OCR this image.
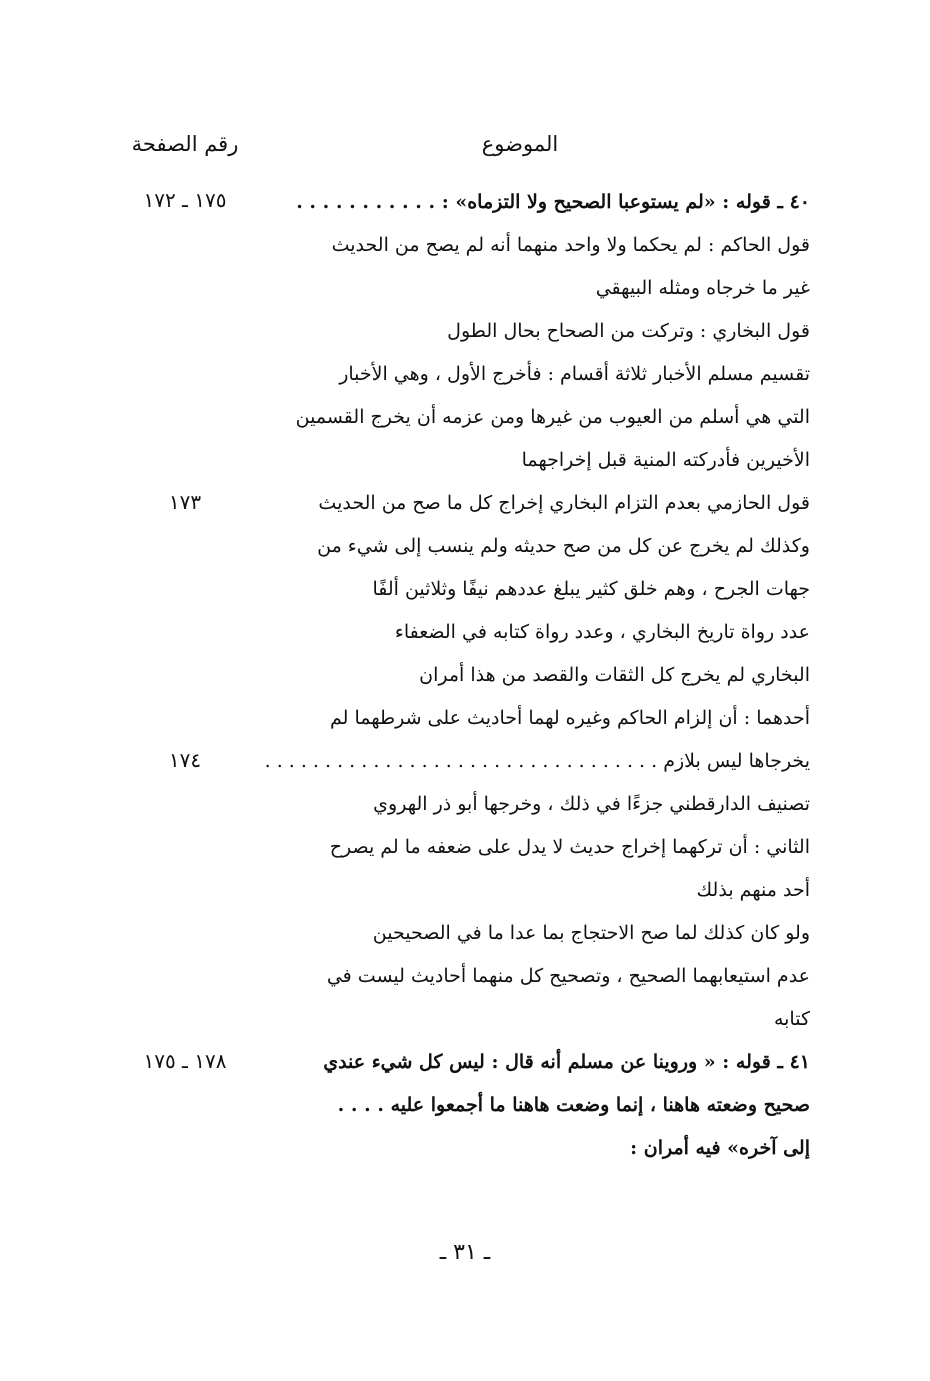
الموضوع
رقم الصفحة
٤٠ ـ قوله : «لم يستوعبا الصحيح ولا التزماه» : . . . . . . . . . . .
١٧٥ ـ ١٧٢
قول الحاكم : لم يحكما ولا واحد منهما أنه لم يصح من الحديث
غير ما خرجاه ومثله البيهقي
قول البخاري : وتركت من الصحاح بحال الطول
تقسيم مسلم الأخبار ثلاثة أقسام : فأخرج الأول ، وهي الأخبار
التي هي أسلم من العيوب من غيرها ومن عزمه أن يخرج القسمين
الأخيرين فأدركته المنية قبل إخراجهما
قول الحازمي بعدم التزام البخاري إخراج كل ما صح من الحديث
١٧٣
وكذلك لم يخرج عن كل من صح حديثه ولم ينسب إلى شيء من
جهات الجرح ، وهم خلق كثير يبلغ عددهم نيفًا وثلاثين ألفًا
عدد رواة تاريخ البخاري ، وعدد رواة كتابه في الضعفاء
البخاري لم يخرج كل الثقات والقصد من هذا أمران
أحدهما : أن إلزام الحاكم وغيره لهما أحاديث على شرطهما لم
يخرجاها ليس بلازم . . . . . . . . . . . . . . . . . . . . . . . . . . . . . . . . .
١٧٤
تصنيف الدارقطني جزءًا في ذلك ، وخرجها أبو ذر الهروي
الثاني : أن تركهما إخراج حديث لا يدل على ضعفه ما لم يصرح
أحد منهم بذلك
ولو كان كذلك لما صح الاحتجاج بما عدا ما في الصحيحين
عدم استيعابهما الصحيح ، وتصحيح كل منهما أحاديث ليست في
كتابه
٤١ ـ قوله : « وروينا عن مسلم أنه قال : ليس كل شيء عندي
١٧٨ ـ ١٧٥
صحيح وضعته هاهنا ، إنما وضعت هاهنا ما أجمعوا عليه . . . .
إلى آخره» فيه أمران :
ـ ٣١ ـ
